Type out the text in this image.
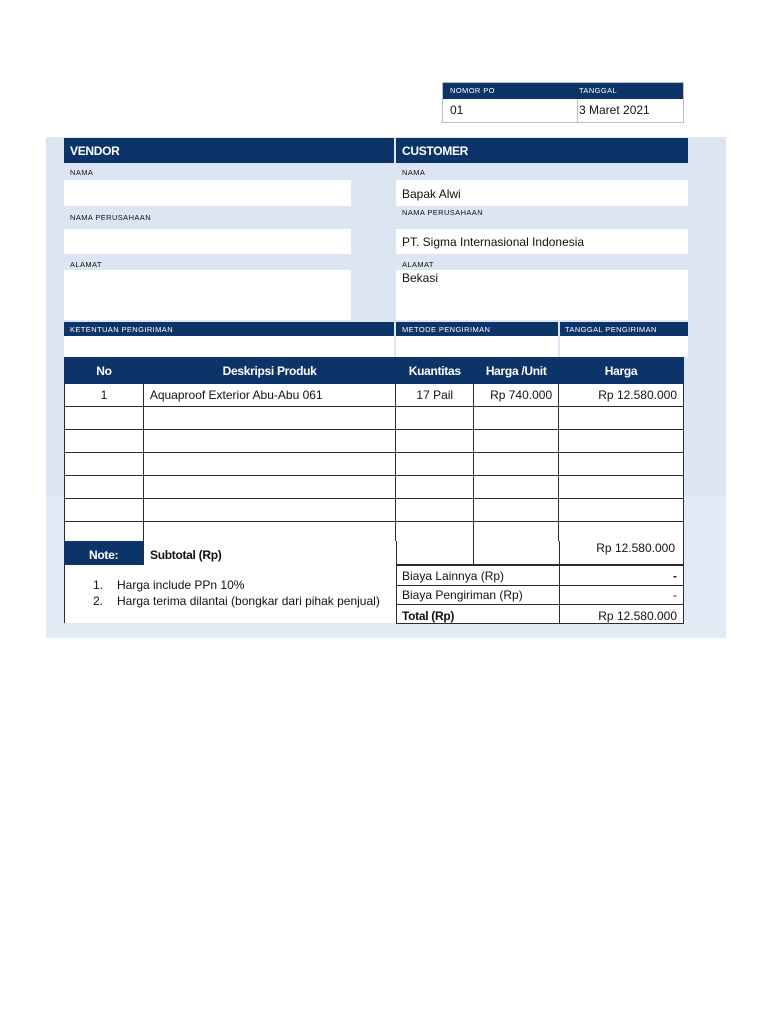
NOMOR PO	TANGGAL
01	3 Maret 2021
VENDOR	CUSTOMER
NAMA
NAMA PERUSAHAAN
ALAMAT
NAMA
Bapak Alwi
NAMA PERUSAHAAN
PT. Sigma Internasional Indonesia
ALAMAT
Bekasi
KETENTUAN PENGIRIMAN	METODE PENGIRIMAN	TANGGAL PENGIRIMAN
No	Deskripsi Produk	Kuantitas	Harga /Unit	Harga
1	Aquaproof Exterior Abu-Abu 061	17 Pail	Rp 740.000	Rp 12.580.000

Note:	Subtotal (Rp)	Rp 12.580.000
1. Harga include PPn 10%
2. Harga terima dilantai (bongkar dari pihak penjual)
Biaya Lainnya (Rp)	-
Biaya Pengiriman (Rp)	-
Total (Rp)	Rp 12.580.000
